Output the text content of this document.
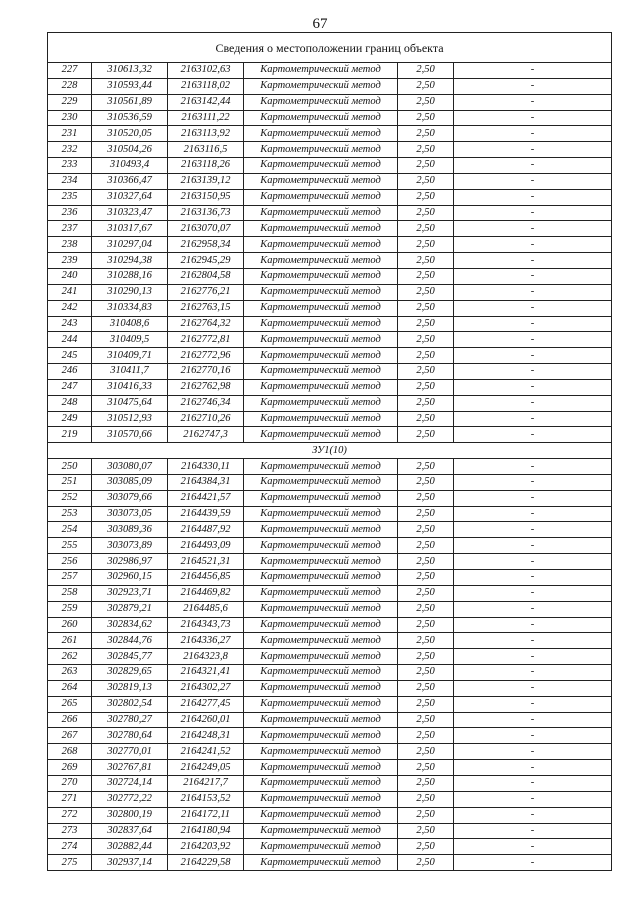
67
Сведения о местоположении границ объекта					
227	310613,32	2163102,63	Картометрический метод	2,50	-
228	310593,44	2163118,02	Картометрический метод	2,50	-
229	310561,89	2163142,44	Картометрический метод	2,50	-
230	310536,59	2163111,22	Картометрический метод	2,50	-
231	310520,05	2163113,92	Картометрический метод	2,50	-
232	310504,26	2163116,5	Картометрический метод	2,50	-
233	310493,4	2163118,26	Картометрический метод	2,50	-
234	310366,47	2163139,12	Картометрический метод	2,50	-
235	310327,64	2163150,95	Картометрический метод	2,50	-
236	310323,47	2163136,73	Картометрический метод	2,50	-
237	310317,67	2163070,07	Картометрический метод	2,50	-
238	310297,04	2162958,34	Картометрический метод	2,50	-
239	310294,38	2162945,29	Картометрический метод	2,50	-
240	310288,16	2162804,58	Картометрический метод	2,50	-
241	310290,13	2162776,21	Картометрический метод	2,50	-
242	310334,83	2162763,15	Картометрический метод	2,50	-
243	310408,6	2162764,32	Картометрический метод	2,50	-
244	310409,5	2162772,81	Картометрический метод	2,50	-
245	310409,71	2162772,96	Картометрический метод	2,50	-
246	310411,7	2162770,16	Картометрический метод	2,50	-
247	310416,33	2162762,98	Картометрический метод	2,50	-
248	310475,64	2162746,34	Картометрический метод	2,50	-
249	310512,93	2162710,26	Картометрический метод	2,50	-
219	310570,66	2162747,3	Картометрический метод	2,50	-
ЗУ1(10)					
250	303080,07	2164330,11	Картометрический метод	2,50	-
251	303085,09	2164384,31	Картометрический метод	2,50	-
252	303079,66	2164421,57	Картометрический метод	2,50	-
253	303073,05	2164439,59	Картометрический метод	2,50	-
254	303089,36	2164487,92	Картометрический метод	2,50	-
255	303073,89	2164493,09	Картометрический метод	2,50	-
256	302986,97	2164521,31	Картометрический метод	2,50	-
257	302960,15	2164456,85	Картометрический метод	2,50	-
258	302923,71	2164469,82	Картометрический метод	2,50	-
259	302879,21	2164485,6	Картометрический метод	2,50	-
260	302834,62	2164343,73	Картометрический метод	2,50	-
261	302844,76	2164336,27	Картометрический метод	2,50	-
262	302845,77	2164323,8	Картометрический метод	2,50	-
263	302829,65	2164321,41	Картометрический метод	2,50	-
264	302819,13	2164302,27	Картометрический метод	2,50	-
265	302802,54	2164277,45	Картометрический метод	2,50	-
266	302780,27	2164260,01	Картометрический метод	2,50	-
267	302780,64	2164248,31	Картометрический метод	2,50	-
268	302770,01	2164241,52	Картометрический метод	2,50	-
269	302767,81	2164249,05	Картометрический метод	2,50	-
270	302724,14	2164217,7	Картометрический метод	2,50	-
271	302772,22	2164153,52	Картометрический метод	2,50	-
272	302800,19	2164172,11	Картометрический метод	2,50	-
273	302837,64	2164180,94	Картометрический метод	2,50	-
274	302882,44	2164203,92	Картометрический метод	2,50	-
275	302937,14	2164229,58	Картометрический метод	2,50	-
